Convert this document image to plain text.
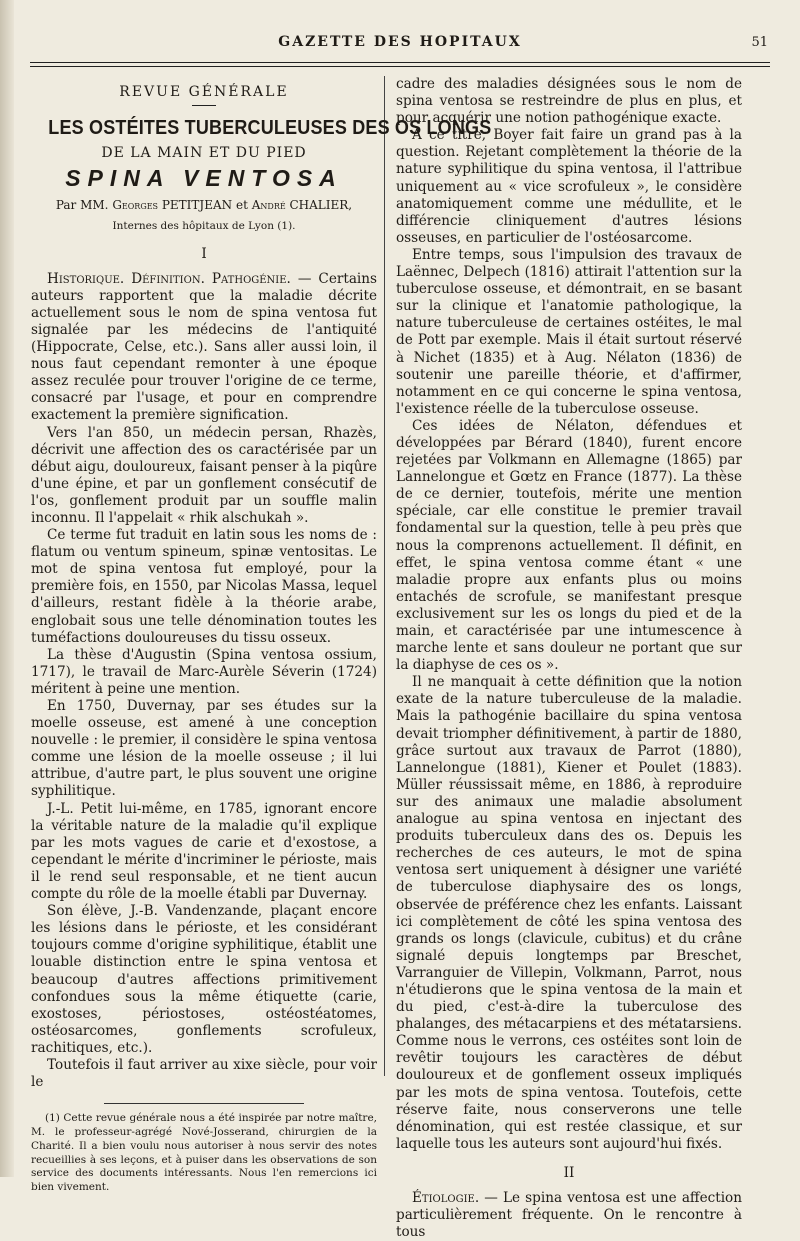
GAZETTE DES HOPITAUX	51
REVUE GÉNÉRALE
LES OSTÉITES TUBERCULEUSES DES OS LONGS
DE LA MAIN ET DU PIED
SPINA VENTOSA
Par MM. Georges PETITJEAN et André CHALIER,
Internes des hôpitaux de Lyon (1).
I

Historique. Définition. Pathogénie. — Certains auteurs rapportent que la maladie décrite actuellement sous le nom de spina ventosa fut signalée par les médecins de l'antiquité (Hippocrate, Celse, etc.). Sans aller aussi loin, il nous faut cependant remonter à une époque assez reculée pour trouver l'origine de ce terme, consacré par l'usage, et pour en comprendre exactement la première signification.

Vers l'an 850, un médecin persan, Rhazès, décrivit une affection des os caractérisée par un début aigu, douloureux, faisant penser à la piqûre d'une épine, et par un gonflement consécutif de l'os, gonflement produit par un souffle malin inconnu. Il l'appelait « rhik alschukah ».

Ce terme fut traduit en latin sous les noms de : flatum ou ventum spineum, spinæ ventositas. Le mot de spina ventosa fut employé, pour la première fois, en 1550, par Nicolas Massa, lequel d'ailleurs, restant fidèle à la théorie arabe, englobait sous une telle dénomination toutes les tuméfactions douloureuses du tissu osseux.

La thèse d'Augustin (Spina ventosa ossium, 1717), le travail de Marc-Aurèle Séverin (1724) méritent à peine une mention.

En 1750, Duvernay, par ses études sur la moelle osseuse, est amené à une conception nouvelle : le premier, il considère le spina ventosa comme une lésion de la moelle osseuse ; il lui attribue, d'autre part, le plus souvent une origine syphilitique.

J.-L. Petit lui-même, en 1785, ignorant encore la véritable nature de la maladie qu'il explique par les mots vagues de carie et d'exostose, a cependant le mérite d'incriminer le périoste, mais il le rend seul responsable, et ne tient aucun compte du rôle de la moelle établi par Duvernay.

Son élève, J.-B. Vandenzande, plaçant encore les lésions dans le périoste, et les considérant toujours comme d'origine syphilitique, établit une louable distinction entre le spina ventosa et beaucoup d'autres affections primitivement confondues sous la même étiquette (carie, exostoses, périostoses, ostéostéatomes, ostéosarcomes, gonflements scrofuleux, rachitiques, etc.).

Toutefois il faut arriver au xixe siècle, pour voir le

(1) Cette revue générale nous a été inspirée par notre maître, M. le professeur-agrégé Nové-Josserand, chirurgien de la Charité. Il a bien voulu nous autoriser à nous servir des notes recueillies à ses leçons, et à puiser dans les observations de son service des documents intéressants. Nous l'en remercions ici bien vivement.

cadre des maladies désignées sous le nom de spina ventosa se restreindre de plus en plus, et pour acquérir une notion pathogénique exacte.

A ce titre, Boyer fait faire un grand pas à la question. Rejetant complètement la théorie de la nature syphilitique du spina ventosa, il l'attribue uniquement au « vice scrofuleux », le considère anatomiquement comme une médullite, et le différencie cliniquement d'autres lésions osseuses, en particulier de l'ostéosarcome.

Entre temps, sous l'impulsion des travaux de Laënnec, Delpech (1816) attirait l'attention sur la tuberculose osseuse, et démontrait, en se basant sur la clinique et l'anatomie pathologique, la nature tuberculeuse de certaines ostéites, le mal de Pott par exemple. Mais il était surtout réservé à Nichet (1835) et à Aug. Nélaton (1836) de soutenir une pareille théorie, et d'affirmer, notamment en ce qui concerne le spina ventosa, l'existence réelle de la tuberculose osseuse.

Ces idées de Nélaton, défendues et développées par Bérard (1840), furent encore rejetées par Volkmann en Allemagne (1865) par Lannelongue et Gœtz en France (1877). La thèse de ce dernier, toutefois, mérite une mention spéciale, car elle constitue le premier travail fondamental sur la question, telle à peu près que nous la comprenons actuellement. Il définit, en effet, le spina ventosa comme étant « une maladie propre aux enfants plus ou moins entachés de scrofule, se manifestant presque exclusivement sur les os longs du pied et de la main, et caractérisée par une intumescence à marche lente et sans douleur ne portant que sur la diaphyse de ces os ».

Il ne manquait à cette définition que la notion exate de la nature tuberculeuse de la maladie. Mais la pathogénie bacillaire du spina ventosa devait triompher définitivement, à partir de 1880, grâce surtout aux travaux de Parrot (1880), Lannelongue (1881), Kiener et Poulet (1883). Müller réussissait même, en 1886, à reproduire sur des animaux une maladie absolument analogue au spina ventosa en injectant des produits tuberculeux dans des os. Depuis les recherches de ces auteurs, le mot de spina ventosa sert uniquement à désigner une variété de tuberculose diaphysaire des os longs, observée de préférence chez les enfants. Laissant ici complètement de côté les spina ventosa des grands os longs (clavicule, cubitus) et du crâne signalé depuis longtemps par Breschet, Varranguier de Villepin, Volkmann, Parrot, nous n'étudierons que le spina ventosa de la main et du pied, c'est-à-dire la tuberculose des phalanges, des métacarpiens et des métatarsiens. Comme nous le verrons, ces ostéites sont loin de revêtir toujours les caractères de début douloureux et de gonflement osseux impliqués par les mots de spina ventosa. Toutefois, cette réserve faite, nous conserverons une telle dénomination, qui est restée classique, et sur laquelle tous les auteurs sont aujourd'hui fixés.

II

Étiologie. — Le spina ventosa est une affection particulièrement fréquente. On le rencontre à tous
